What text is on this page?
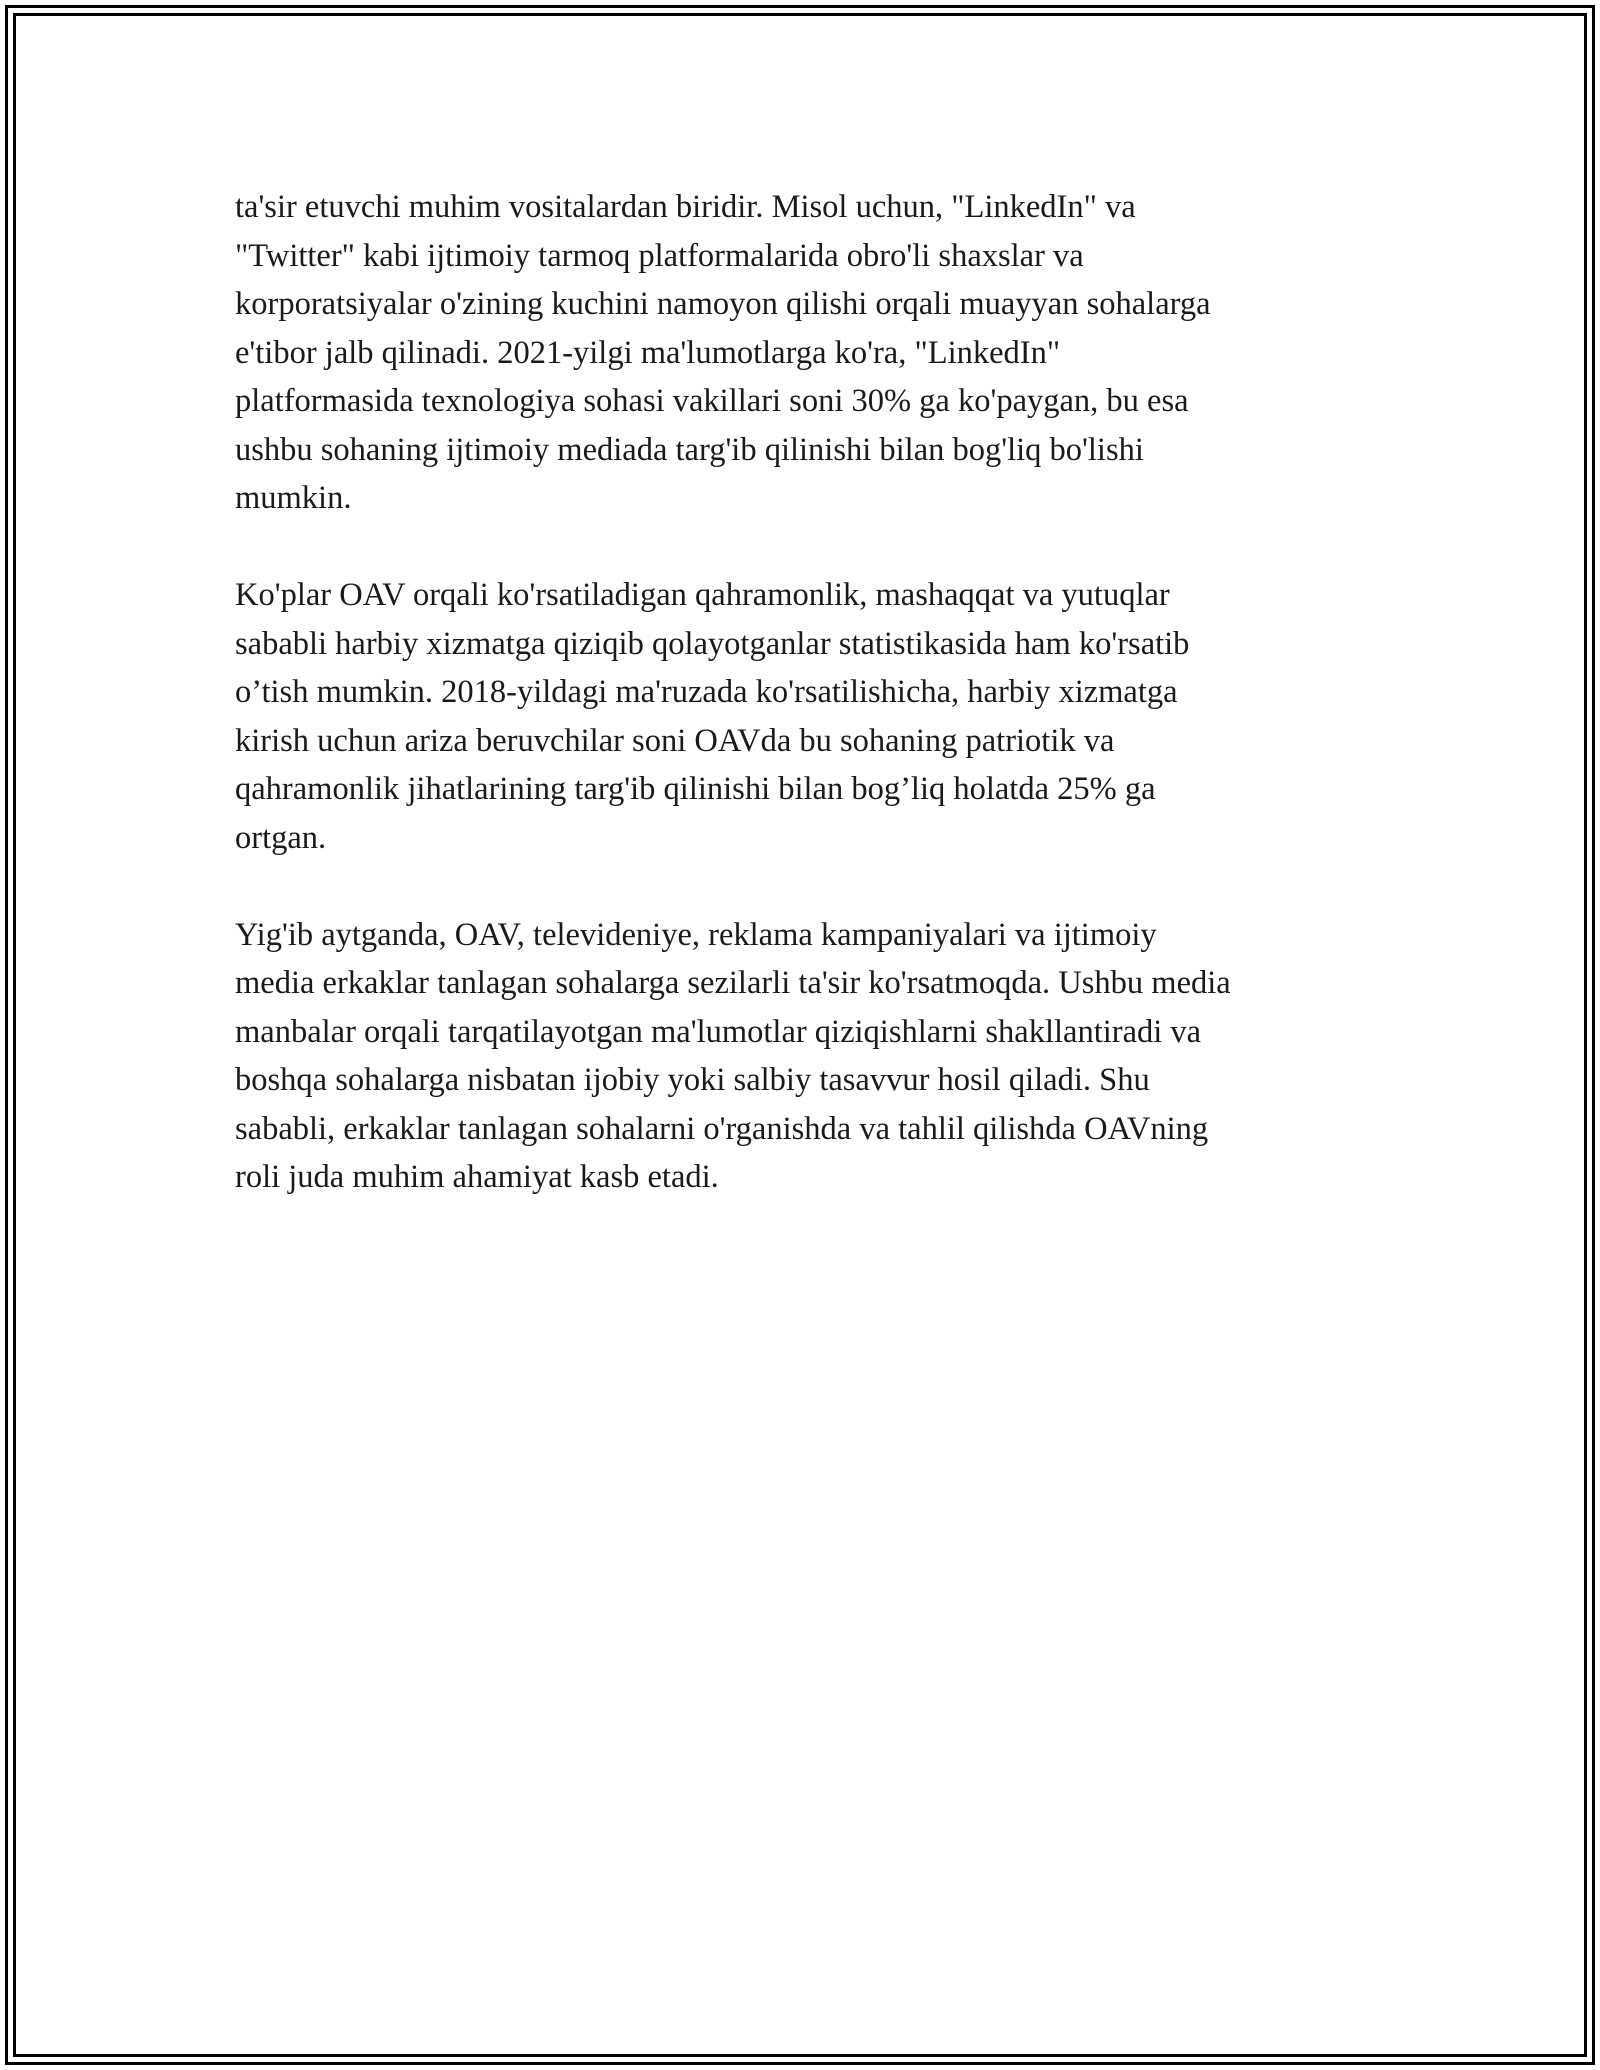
ta'sir etuvchi muhim vositalardan biridir. Misol uchun, "LinkedIn" va
"Twitter" kabi ijtimoiy tarmoq platformalarida obro'li shaxslar va
korporatsiyalar o'zining kuchini namoyon qilishi orqali muayyan sohalarga
e'tibor jalb qilinadi. 2021-yilgi ma'lumotlarga ko'ra, "LinkedIn"
platformasida texnologiya sohasi vakillari soni 30% ga ko'paygan, bu esa
ushbu sohaning ijtimoiy mediada targ'ib qilinishi bilan bog'liq bo'lishi
mumkin.

Ko'plar OAV orqali ko'rsatiladigan qahramonlik, mashaqqat va yutuqlar
sababli harbiy xizmatga qiziqib qolayotganlar statistikasida ham ko'rsatib
o’tish mumkin. 2018-yildagi ma'ruzada ko'rsatilishicha, harbiy xizmatga
kirish uchun ariza beruvchilar soni OAVda bu sohaning patriotik va
qahramonlik jihatlarining targ'ib qilinishi bilan bog’liq holatda 25% ga
ortgan.

Yig'ib aytganda, OAV, televideniye, reklama kampaniyalari va ijtimoiy
media erkaklar tanlagan sohalarga sezilarli ta'sir ko'rsatmoqda. Ushbu media
manbalar orqali tarqatilayotgan ma'lumotlar qiziqishlarni shakllantiradi va
boshqa sohalarga nisbatan ijobiy yoki salbiy tasavvur hosil qiladi. Shu
sababli, erkaklar tanlagan sohalarni o'rganishda va tahlil qilishda OAVning
roli juda muhim ahamiyat kasb etadi.
